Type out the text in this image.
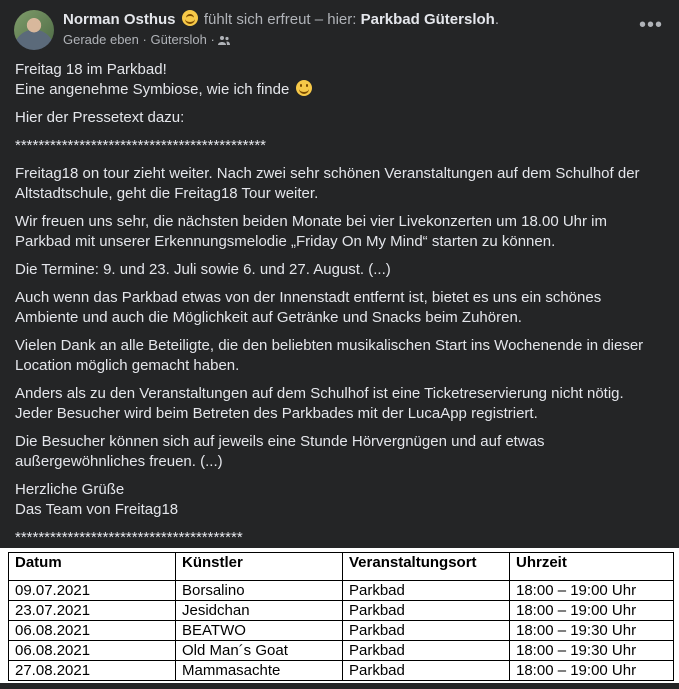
Norman Osthus fühlt sich erfreut – hier: Parkbad Gütersloh.
Gerade eben · Gütersloh ·
•••

Freitag 18 im Parkbad!
Eine angenehme Symbiose, wie ich finde

Hier der Pressetext dazu:

*******************************************

Freitag18 on tour zieht weiter. Nach zwei sehr schönen Veranstaltungen auf dem Schulhof der Altstadtschule, geht die Freitag18 Tour weiter.

Wir freuen uns sehr, die nächsten beiden Monate bei vier Livekonzerten um 18.00 Uhr im Parkbad mit unserer Erkennungsmelodie „Friday On My Mind“ starten zu können.

Die Termine: 9. und 23. Juli sowie 6. und 27. August. (...)

Auch wenn das Parkbad etwas von der Innenstadt entfernt ist, bietet es uns ein schönes Ambiente und auch die Möglichkeit auf Getränke und Snacks beim Zuhören.

Vielen Dank an alle Beteiligte, die den beliebten musikalischen Start ins Wochenende in dieser Location möglich gemacht haben.

Anders als zu den Veranstaltungen auf dem Schulhof ist eine Ticketreservierung nicht nötig. Jeder Besucher wird beim Betreten des Parkbades mit der LucaApp registriert.

Die Besucher können sich auf jeweils eine Stunde Hörvergnügen und auf etwas außergewöhnliches freuen. (...)

Herzliche Grüße
Das Team von Freitag18

***************************************

Datum	Künstler	Veranstaltungsort	Uhrzeit
09.07.2021	Borsalino	Parkbad	18:00 – 19:00 Uhr
23.07.2021	Jesidchan	Parkbad	18:00 – 19:00 Uhr
06.08.2021	BEATWO	Parkbad	18:00 – 19:30 Uhr
06.08.2021	Old Man´s Goat	Parkbad	18:00 – 19:30 Uhr
27.08.2021	Mammasachte	Parkbad	18:00 – 19:00 Uhr
